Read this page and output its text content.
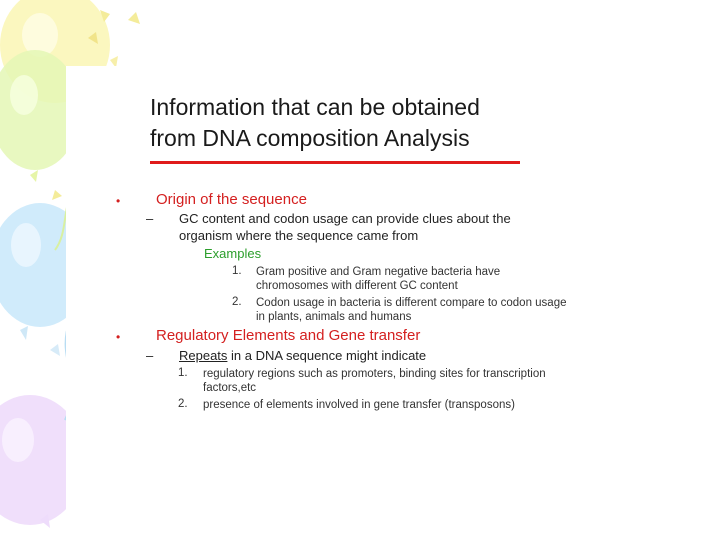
Information that can be obtained
from DNA composition Analysis
• Origin of the sequence
– GC content and codon usage can provide clues about the
organism where the sequence came from
Examples
1. Gram positive and Gram negative bacteria have
chromosomes with different GC content
2. Codon usage in bacteria is different compare to codon usage
in plants, animals and humans
• Regulatory Elements and Gene transfer
– Repeats in a DNA sequence might indicate
1. regulatory regions such as promoters, binding sites for transcription
factors,etc
2. presence of elements involved in gene transfer (transposons)
